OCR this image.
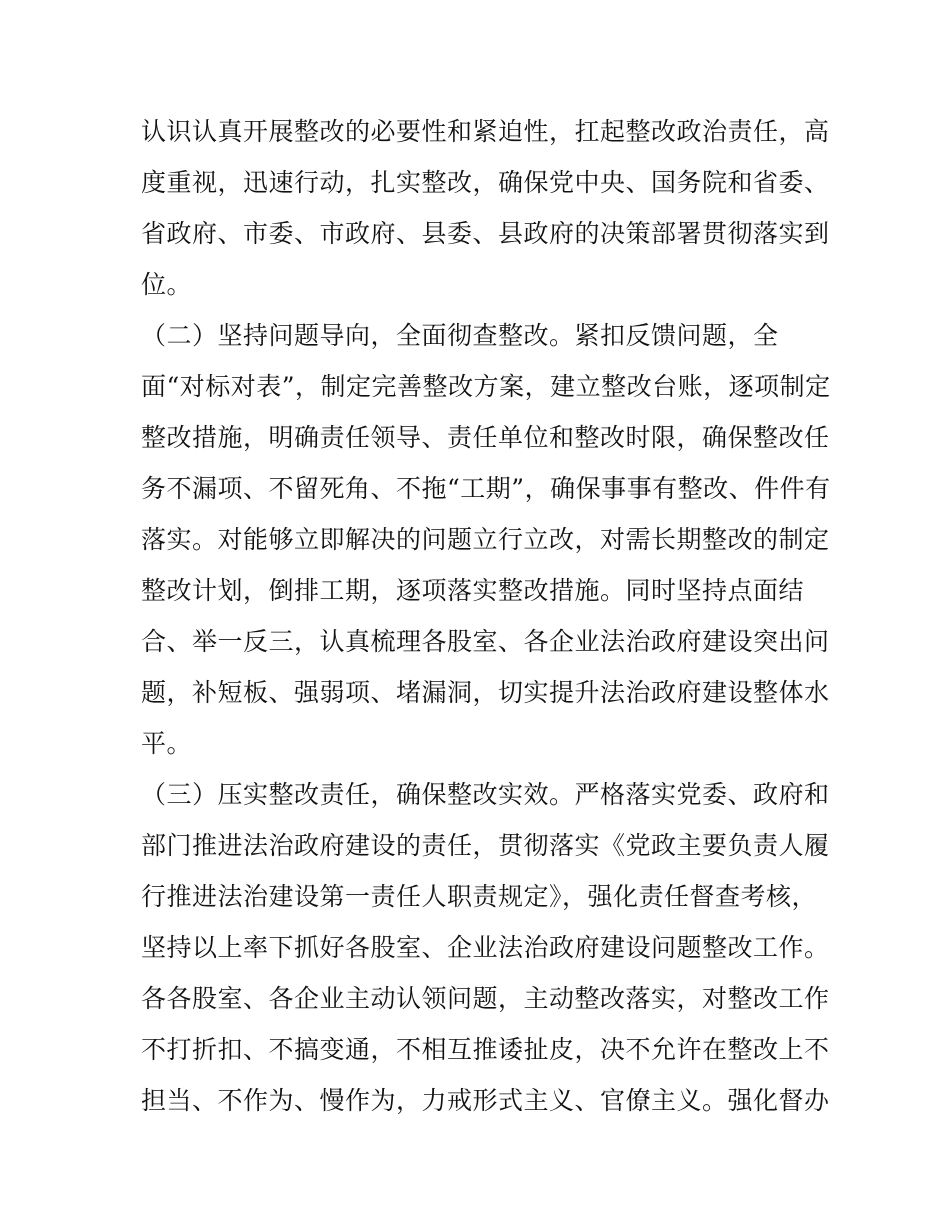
认识认真开展整改的必要性和紧迫性，扛起整改政治责任，高
度重视，迅速行动，扎实整改，确保党中央、国务院和省委、
省政府、市委、市政府、县委、县政府的决策部署贯彻落实到
位。
（二）坚持问题导向，全面彻查整改。紧扣反馈问题，全
面“对标对表”，制定完善整改方案，建立整改台账，逐项制定
整改措施，明确责任领导、责任单位和整改时限，确保整改任
务不漏项、不留死角、不拖“工期”，确保事事有整改、件件有
落实。对能够立即解决的问题立行立改，对需长期整改的制定
整改计划，倒排工期，逐项落实整改措施。同时坚持点面结
合、举一反三，认真梳理各股室、各企业法治政府建设突出问
题，补短板、强弱项、堵漏洞，切实提升法治政府建设整体水
平。
（三）压实整改责任，确保整改实效。严格落实党委、政府和
部门推进法治政府建设的责任，贯彻落实《党政主要负责人履
行推进法治建设第一责任人职责规定》，强化责任督查考核，
坚持以上率下抓好各股室、企业法治政府建设问题整改工作。
各各股室、各企业主动认领问题，主动整改落实，对整改工作
不打折扣、不搞变通，不相互推诿扯皮，决不允许在整改上不
担当、不作为、慢作为，力戒形式主义、官僚主义。强化督办
